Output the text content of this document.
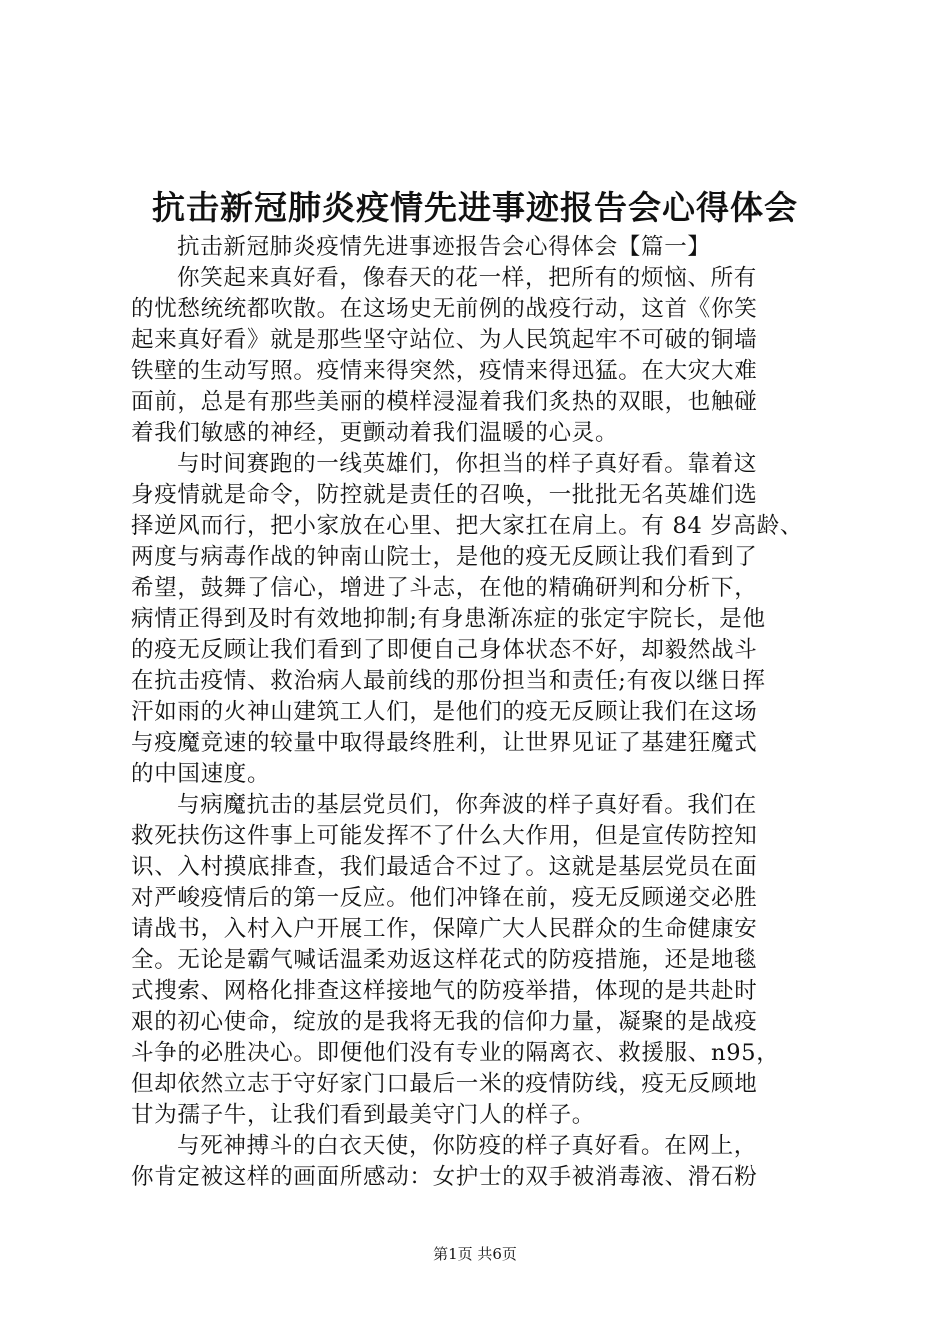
抗击新冠肺炎疫情先进事迹报告会心得体会
抗击新冠肺炎疫情先进事迹报告会心得体会【篇一】
你笑起来真好看，像春天的花一样，把所有的烦恼、所有
的忧愁统统都吹散。在这场史无前例的战疫行动，这首《你笑
起来真好看》就是那些坚守站位、为人民筑起牢不可破的铜墙
铁壁的生动写照。疫情来得突然，疫情来得迅猛。在大灾大难
面前，总是有那些美丽的模样浸湿着我们炙热的双眼，也触碰
着我们敏感的神经，更颤动着我们温暖的心灵。
与时间赛跑的一线英雄们，你担当的样子真好看。靠着这
身疫情就是命令，防控就是责任的召唤，一批批无名英雄们选
择逆风而行，把小家放在心里、把大家扛在肩上。有 84 岁高龄、
两度与病毒作战的钟南山院士，是他的疫无反顾让我们看到了
希望，鼓舞了信心，增进了斗志，在他的精确研判和分析下，
病情正得到及时有效地抑制;有身患渐冻症的张定宇院长，是他
的疫无反顾让我们看到了即便自己身体状态不好，却毅然战斗
在抗击疫情、救治病人最前线的那份担当和责任;有夜以继日挥
汗如雨的火神山建筑工人们，是他们的疫无反顾让我们在这场
与疫魔竞速的较量中取得最终胜利，让世界见证了基建狂魔式
的中国速度。
与病魔抗击的基层党员们，你奔波的样子真好看。我们在
救死扶伤这件事上可能发挥不了什么大作用，但是宣传防控知
识、入村摸底排查，我们最适合不过了。这就是基层党员在面
对严峻疫情后的第一反应。他们冲锋在前，疫无反顾递交必胜
请战书，入村入户开展工作，保障广大人民群众的生命健康安
全。无论是霸气喊话温柔劝返这样花式的防疫措施，还是地毯
式搜索、网格化排查这样接地气的防疫举措，体现的是共赴时
艰的初心使命，绽放的是我将无我的信仰力量，凝聚的是战疫
斗争的必胜决心。即便他们没有专业的隔离衣、救援服、n95，
但却依然立志于守好家门口最后一米的疫情防线，疫无反顾地
甘为孺子牛，让我们看到最美守门人的样子。
与死神搏斗的白衣天使，你防疫的样子真好看。在网上，
你肯定被这样的画面所感动：女护士的双手被消毒液、滑石粉
第1页 共6页
